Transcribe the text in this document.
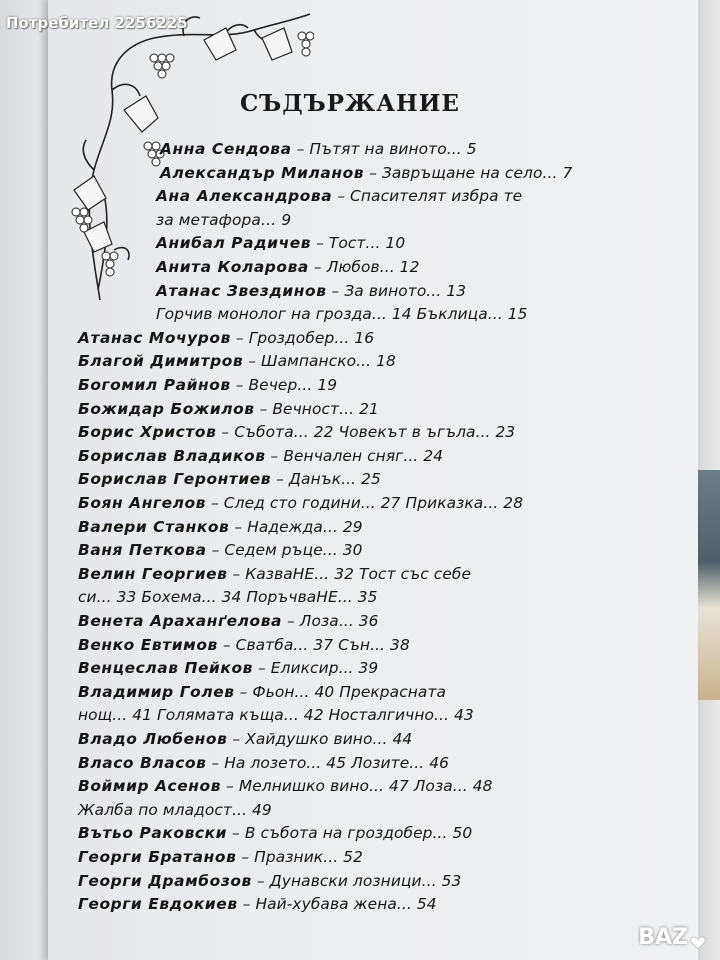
Потребител 2256225
СЪДЪРЖАНИЕ
Анна Сендова – Пътят на виното... 5
Александър Миланов – Завръщане на село... 7
Ана Александрова – Спасителят избра те
за метафора… 9
Анибал Радичев – Тост... 10
Анита Коларова – Любов... 12
Атанас Звездинов – За виното... 13
Горчив монолог на грозда... 14 Бъклица... 15
Атанас Мочуров – Гроздобер... 16
Благой Димитров – Шампанско... 18
Богомил Райнов – Вечер... 19
Божидар Божилов – Вечност... 21
Борис Христов – Събота... 22 Човекът в ъгъла... 23
Борислав Владиков – Венчален сняг... 24
Борислав Геронтиев – Данък... 25
Боян Ангелов – След сто години... 27 Приказка... 28
Валери Станков – Надежда... 29
Ваня Петкова – Седем ръце... 30
Велин Георгиев – КазваНЕ... 32 Тост със себе
си... 33 Бохема... 34 ПоръчваНЕ... 35
Венета Араханґелова – Лоза... 36
Венко Евтимов – Сватба... 37 Сън... 38
Венцеслав Пейков – Еликсир... 39
Владимир Голев – Фьон... 40 Прекрасната
нощ... 41 Голямата къща... 42 Носталгично... 43
Владо Любенов – Хайдушко вино... 44
Власо Власов – На лозето... 45 Лозите... 46
Воймир Асенов – Мелнишко вино... 47 Лоза... 48
Жалба по младост... 49
Вътьо Раковски – В събота на гроздобер... 50
Георги Братанов – Празник... 52
Георги Драмбозов – Дунавски лозници... 53
Георги Евдокиев – Най-хубава жена... 54
BAZ
